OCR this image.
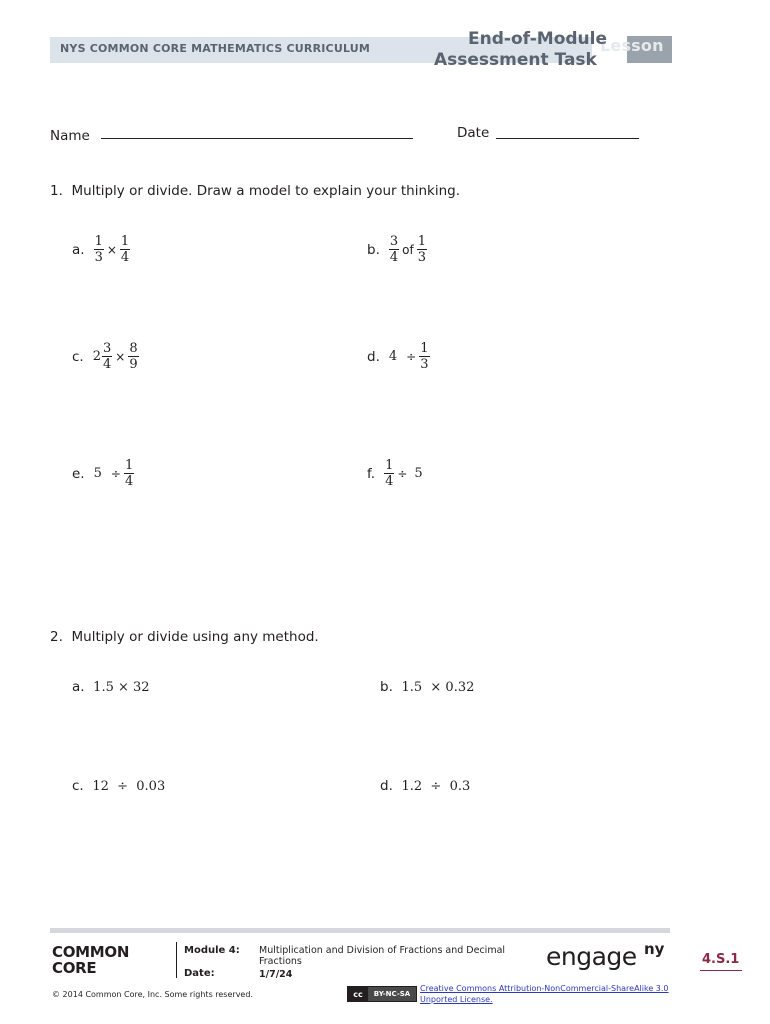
NYS COMMON CORE MATHEMATICS CURRICULUM	Lesson
End-of-Module
Assessment Task
Name	Date
1. Multiply or divide. Draw a model to explain your thinking.
a. $\frac{1}{3} \times \frac{1}{4}$	b. $\frac{3}{4}$ of $\frac{1}{3}$
c. $2 \frac{3}{4} \times \frac{8}{9}$	d. $4 \div \frac{1}{3}$
e. $5 \div \frac{1}{4}$	f. $\frac{1}{4} \div 5$
2. Multiply or divide using any method.
a. 1.5 × 32	b. 1.5  × 0.32
c. 12  ÷  0.03	d. 1.2  ÷  0.3
COMMON
CORE
Module 4: Multiplication and Division of Fractions and Decimal Fractions
Date:	1/7/24
engage ny
4.S.1
© 2014 Common Core, Inc. Some rights reserved.	cc	BY-NC-SA
Creative Commons Attribution-NonCommercial-ShareAlike 3.0
Unported License.
